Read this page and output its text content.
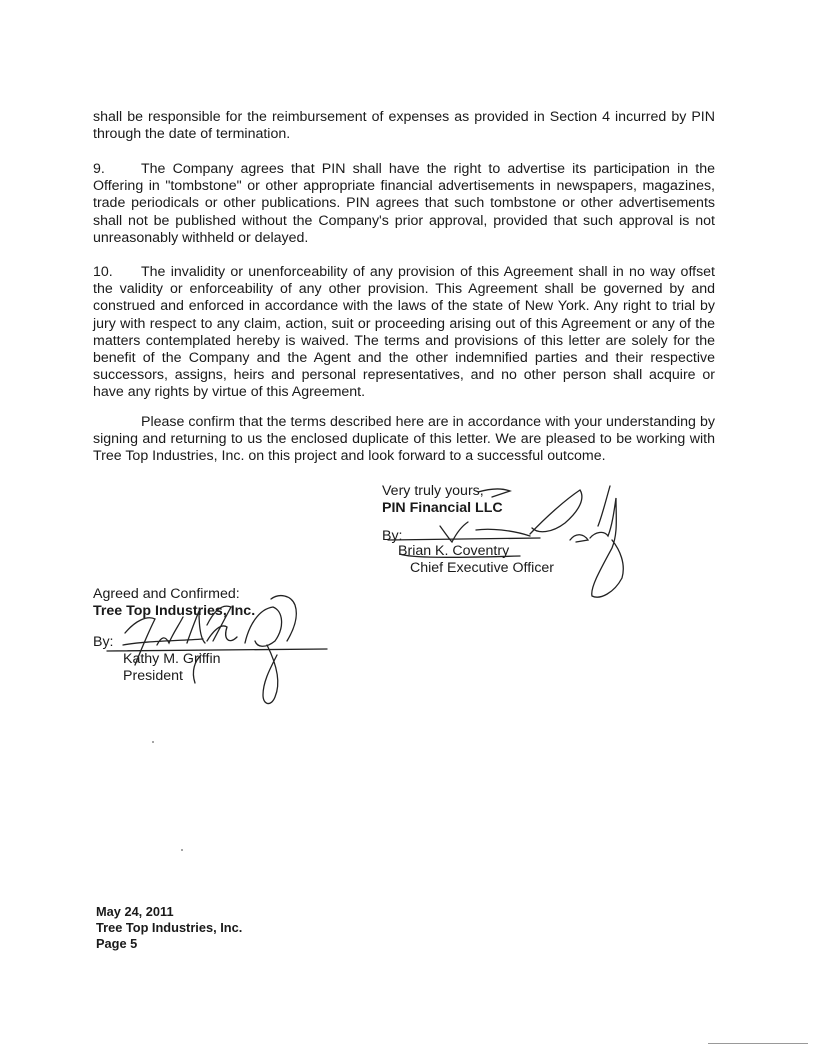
shall be responsible for the reimbursement of expenses as provided in Section 4 incurred by PIN through the date of termination.

9.	The Company agrees that PIN shall have the right to advertise its participation in the Offering in "tombstone" or other appropriate financial advertisements in newspapers, magazines, trade periodicals or other publications. PIN agrees that such tombstone or other advertisements shall not be published without the Company's prior approval, provided that such approval is not unreasonably withheld or delayed.

10. The invalidity or unenforceability of any provision of this Agreement shall in no way offset the validity or enforceability of any other provision. This Agreement shall be governed by and construed and enforced in accordance with the laws of the state of New York. Any right to trial by jury with respect to any claim, action, suit or proceeding arising out of this Agreement or any of the matters contemplated hereby is waived. The terms and provisions of this letter are solely for the benefit of the Company and the Agent and the other indemnified parties and their respective successors, assigns, heirs and personal representatives, and no other person shall acquire or have any rights by virtue of this Agreement.

Please confirm that the terms described here are in accordance with your understanding by signing and returning to us the enclosed duplicate of this letter. We are pleased to be working with Tree Top Industries, Inc. on this project and look forward to a successful outcome.

Very truly yours,
PIN Financial LLC
By:
Brian K. Coventry
Chief Executive Officer
Agreed and Confirmed:
Tree Top Industries, Inc.
By:
Kathy M. Griffin
President
May 24, 2011
Tree Top Industries, Inc.
Page 5
